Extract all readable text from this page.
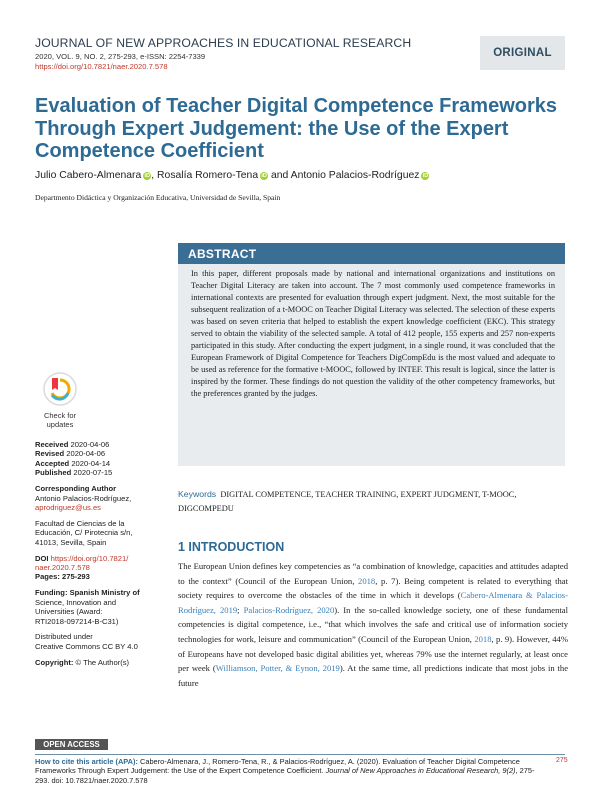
JOURNAL OF NEW APPROACHES IN EDUCATIONAL RESEARCH
2020, VOL. 9, NO. 2, 275-293, e-ISSN: 2254-7339
https://doi.org/10.7821/naer.2020.7.578
ORIGINAL
Evaluation of Teacher Digital Competence Frameworks Through Expert Judgement: the Use of the Expert Competence Coefficient
Julio Cabero-Almenara iD, Rosalía Romero-Tena iD and Antonio Palacios-Rodríguez iD
Departmento Didáctica y Organización Educativa, Universidad de Sevilla, Spain
ABSTRACT
In this paper, different proposals made by national and international organizations and institutions on Teacher Digital Literacy are taken into account. The 7 most commonly used competence frameworks in international contexts are presented for evaluation through expert judgment. Next, the most suitable for the subsequent realization of a t-MOOC on Teacher Digital Literacy was selected. The selection of these experts was based on seven criteria that helped to establish the expert knowledge coefficient (EKC). This strategy served to obtain the viability of the selected sample. A total of 412 people, 155 experts and 257 non-experts participated in this study. After conducting the expert judgment, in a single round, it was concluded that the European Framework of Digital Competence for Teachers DigCompEdu is the most valued and adequate to be used as reference for the formative t-MOOC, followed by INTEF. This result is logical, since the latter is inspired by the former. These findings do not question the validity of the other competency frameworks, but the preferences granted by the judges.
Keywords DIGITAL COMPETENCE, TEACHER TRAINING, EXPERT JUDGMENT, T-MOOC, DIGCOMPEDU
1 INTRODUCTION
The European Union defines key competencies as “a combination of knowledge, capacities and attitudes adapted to the context” (Council of the European Union, 2018, p. 7). Being competent is related to everything that society requires to overcome the obstacles of the time in which it develops (Cabero-Almenara & Palacios-Rodríguez, 2019; Palacios-Rodríguez, 2020). In the so-called knowledge society, one of these fundamental competencies is digital competence, i.e., “that which involves the safe and critical use of information society technologies for work, leisure and communication” (Council of the European Union, 2018, p. 9). However, 44% of Europeans have not developed basic digital abilities yet, whereas 79% use the internet regularly, at least once per week (Williamson, Potter, & Eynon, 2019). At the same time, all predictions indicate that most jobs in the future
Check for
updates
Received 2020-04-06
Revised 2020-04-06
Accepted 2020-04-14
Published 2020-07-15
Corresponding Author
Antonio Palacios-Rodríguez,
aprodriguez@us.es
Facultad de Ciencias de la
Educación, C/ Pirotecnia s/n,
41013, Sevilla, Spain
DOI https://doi.org/10.7821/
naer.2020.7.578
Pages: 275-293
Funding: Spanish Ministry of
Science, Innovation and
Universities (Award:
RTI2018-097214-B-C31)
Distributed under
Creative Commons CC BY 4.0
Copyright: © The Author(s)
OPEN ACCESS
How to cite this article (APA): Cabero-Almenara, J., Romero-Tena, R., & Palacios-Rodríguez, A. (2020). Evaluation of Teacher Digital Competence Frameworks Through Expert Judgement: the Use of the Expert Competence Coefficient. Journal of New Approaches in Educational Research, 9(2), 275-293. doi: 10.7821/naer.2020.7.578
275
